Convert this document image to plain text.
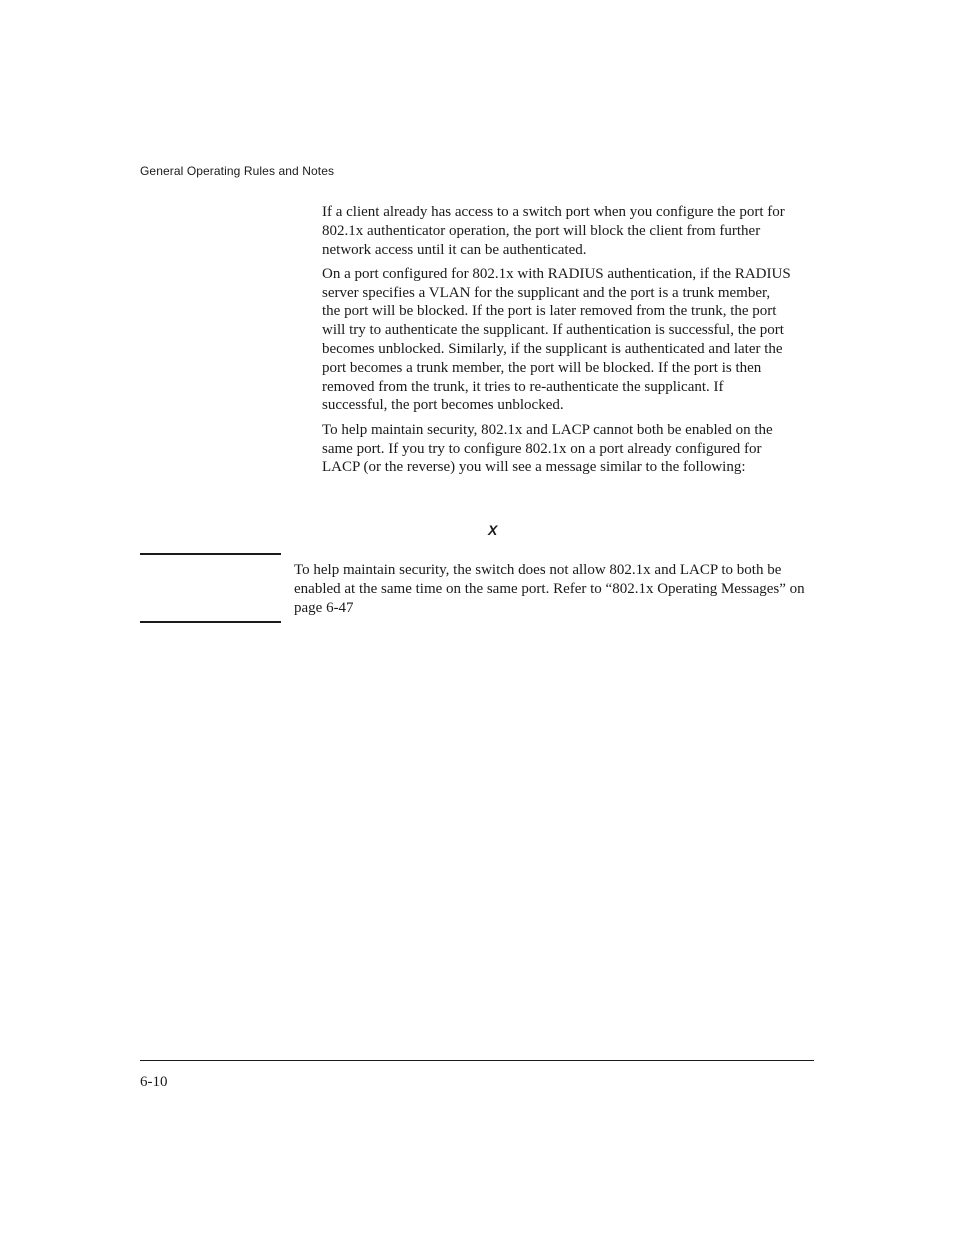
General Operating Rules and Notes

If a client already has access to a switch port when you configure the port for 802.1x authenticator operation, the port will block the client from further network access until it can be authenticated.

On a port configured for 802.1x with RADIUS authentication, if the RADIUS server specifies a VLAN for the supplicant and the port is a trunk member, the port will be blocked. If the port is later removed from the trunk, the port will try to authenticate the supplicant. If authentication is successful, the port becomes unblocked. Similarly, if the supplicant is authenticated and later the port becomes a trunk member, the port will be blocked. If the port is then removed from the trunk, it tries to re-authenticate the supplicant. If successful, the port becomes unblocked.

To help maintain security, 802.1x and LACP cannot both be enabled on the same port. If you try to configure 802.1x on a port already configured for LACP (or the reverse) you will see a message similar to the following:

X
To help maintain security, the switch does not allow 802.1x and LACP to both be enabled at the same time on the same port. Refer to “802.1x Operating Messages” on page 6-47
6-10
